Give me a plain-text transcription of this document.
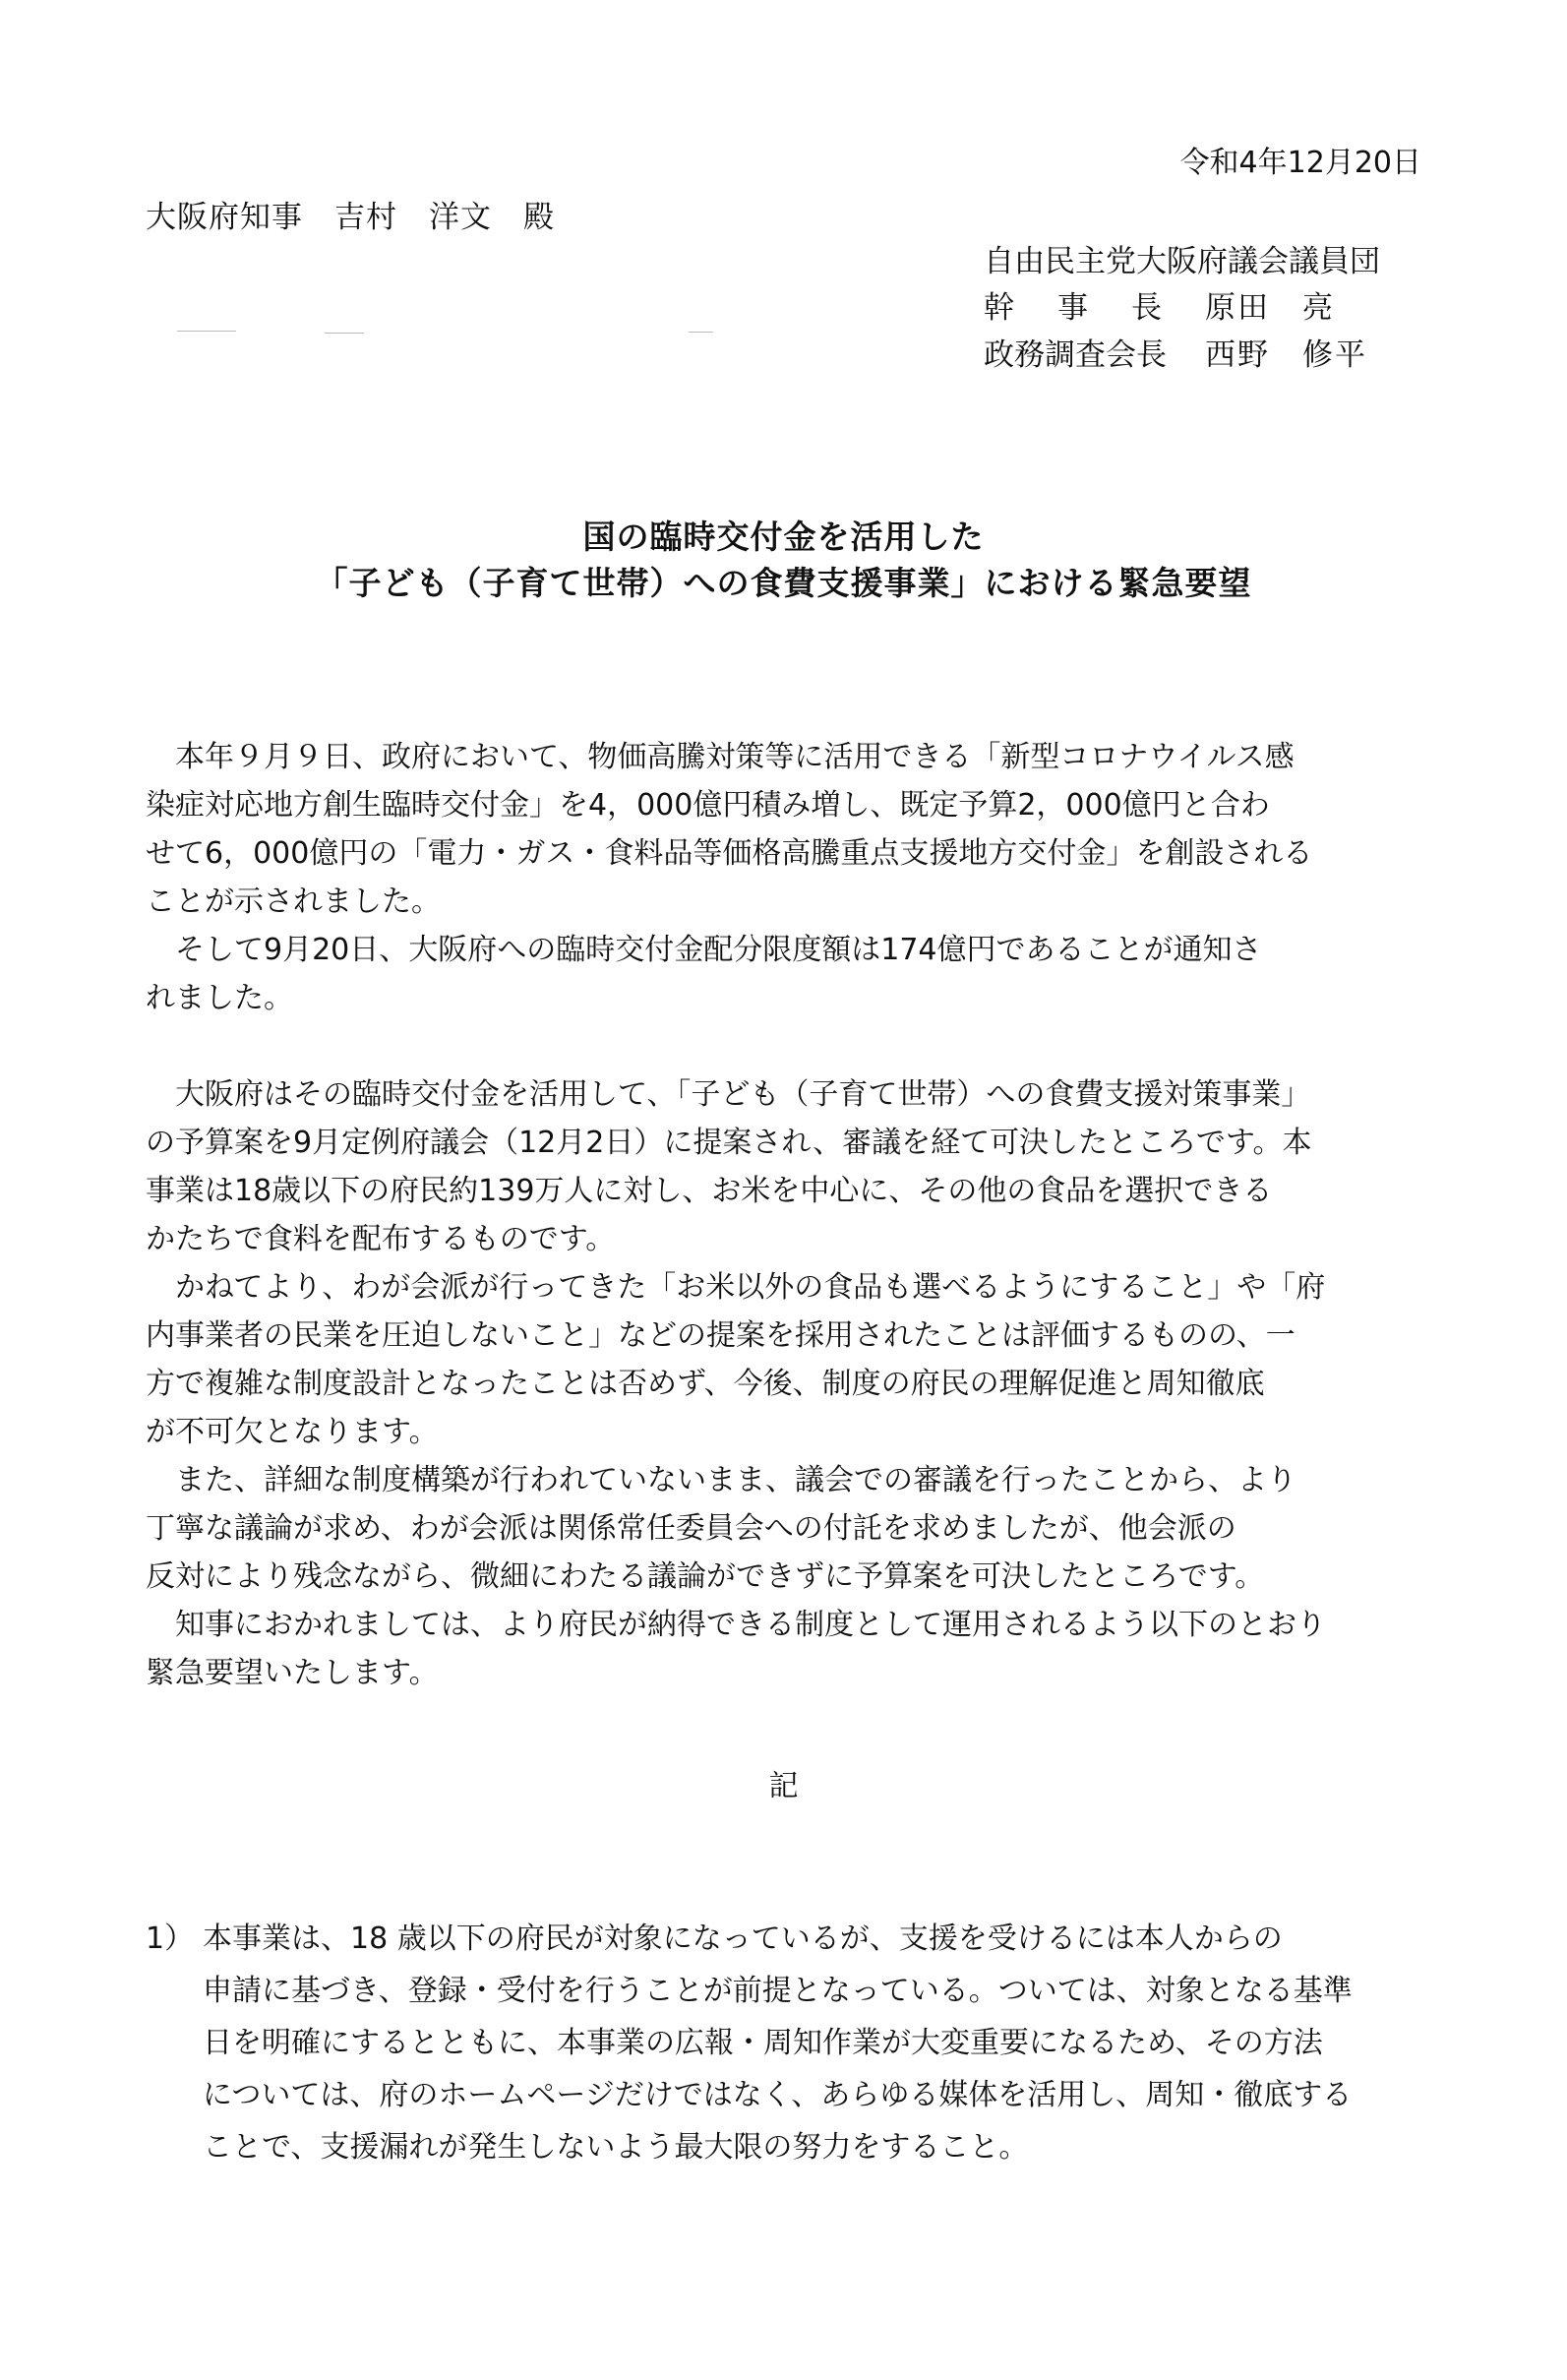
令和4年12月20日
大阪府知事　吉村　洋文　殿
自由民主党大阪府議会議員団
幹事長 原田　亮
政務調査会長	西野　修平
国の臨時交付金を活用した
「子ども（子育て世帯）への食費支援事業」における緊急要望

　本年９月９日、政府において、物価高騰対策等に活用できる「新型コロナウイルス感

染症対応地方創生臨時交付金」を4，000億円積み増し、既定予算2，000億円と合わ

せて6，000億円の「電力・ガス・食料品等価格高騰重点支援地方交付金」を創設される

ことが示されました。

　そして9月20日、大阪府への臨時交付金配分限度額は174億円であることが通知さ

れました。

　大阪府はその臨時交付金を活用して、「子ども（子育て世帯）への食費支援対策事業」

の予算案を9月定例府議会（12月2日）に提案され、審議を経て可決したところです。本

事業は18歳以下の府民約139万人に対し、お米を中心に、その他の食品を選択できる

かたちで食料を配布するものです。

　かねてより、わが会派が行ってきた「お米以外の食品も選べるようにすること」や「府

内事業者の民業を圧迫しないこと」などの提案を採用されたことは評価するものの、一

方で複雑な制度設計となったことは否めず、今後、制度の府民の理解促進と周知徹底

が不可欠となります。

　また、詳細な制度構築が行われていないまま、議会での審議を行ったことから、より

丁寧な議論が求め、わが会派は関係常任委員会への付託を求めましたが、他会派の

反対により残念ながら、微細にわたる議論ができずに予算案を可決したところです。

　知事におかれましては、より府民が納得できる制度として運用されるよう以下のとおり

緊急要望いたします。

記
1） 本事業は、18 歳以下の府民が対象になっているが、支援を受けるには本人からの

申請に基づき、登録・受付を行うことが前提となっている。ついては、対象となる基準

日を明確にするとともに、本事業の広報・周知作業が大変重要になるため、その方法

については、府のホームページだけではなく、あらゆる媒体を活用し、周知・徹底する

ことで、支援漏れが発生しないよう最大限の努力をすること。
